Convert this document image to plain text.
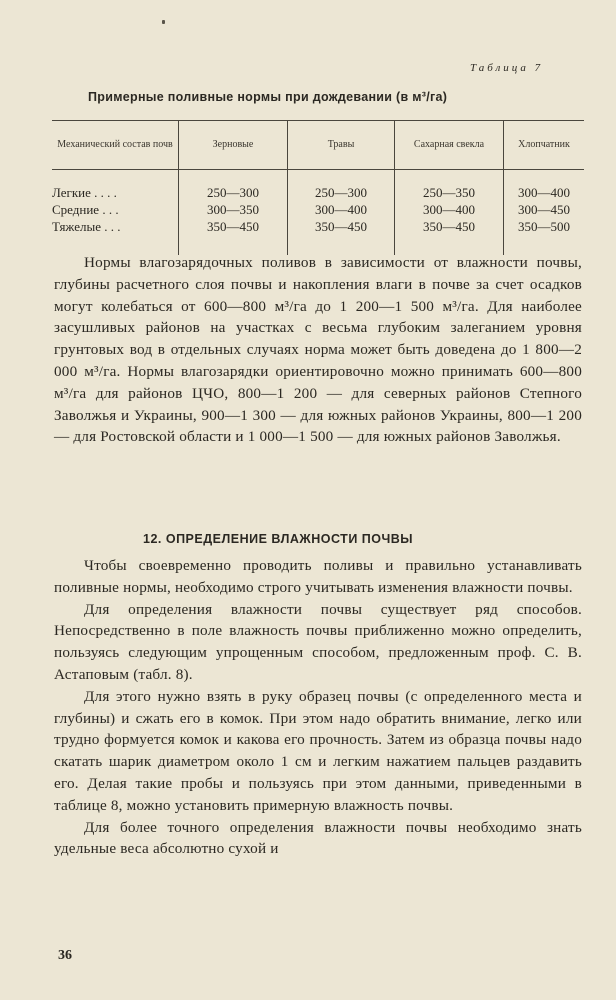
Таблица 7
Примерные поливные нормы при дождевании (в м³/га)
Механический состав почв	Зерновые	Травы	Сахарная свекла	Хлопчатник
Легкие . . . .	250—300	250—300	250—350	300—400
Средние . . .	300—350	300—400	300—400	300—450
Тяжелые . . .	350—450	350—450	350—450	350—500

Нормы влагозарядочных поливов в зависимости от влажности почвы, глубины расчетного слоя почвы и накопления влаги в почве за счет осадков могут колебаться от 600—800 м³/га до 1 200—1 500 м³/га. Для наиболее засушливых районов на участках с весьма глубоким залеганием уровня грунтовых вод в отдельных случаях норма может быть доведена до 1 800—2 000 м³/га. Нормы влагозарядки ориентировочно можно принимать 600—800 м³/га для районов ЦЧО, 800—1 200 — для северных районов Степного Заволжья и Украины, 900—1 300 — для южных районов Украины, 800—1 200 — для Ростовской области и 1 000—1 500 — для южных районов Заволжья.

12. ОПРЕДЕЛЕНИЕ ВЛАЖНОСТИ ПОЧВЫ

Чтобы своевременно проводить поливы и правильно устанавливать поливные нормы, необходимо строго учитывать изменения влажности почвы.

Для определения влажности почвы существует ряд способов. Непосредственно в поле влажность почвы приближенно можно определить, пользуясь следующим упрощенным способом, предложенным проф. С. В. Астаповым (табл. 8).

Для этого нужно взять в руку образец почвы (с определенного места и глубины) и сжать его в комок. При этом надо обратить внимание, легко или трудно формуется комок и какова его прочность. Затем из образца почвы надо скатать шарик диаметром около 1 см и легким нажатием пальцев раздавить его. Делая такие пробы и пользуясь при этом данными, приведенными в таблице 8, можно установить примерную влажность почвы.

Для более точного определения влажности почвы необходимо знать удельные веса абсолютно сухой и

36
